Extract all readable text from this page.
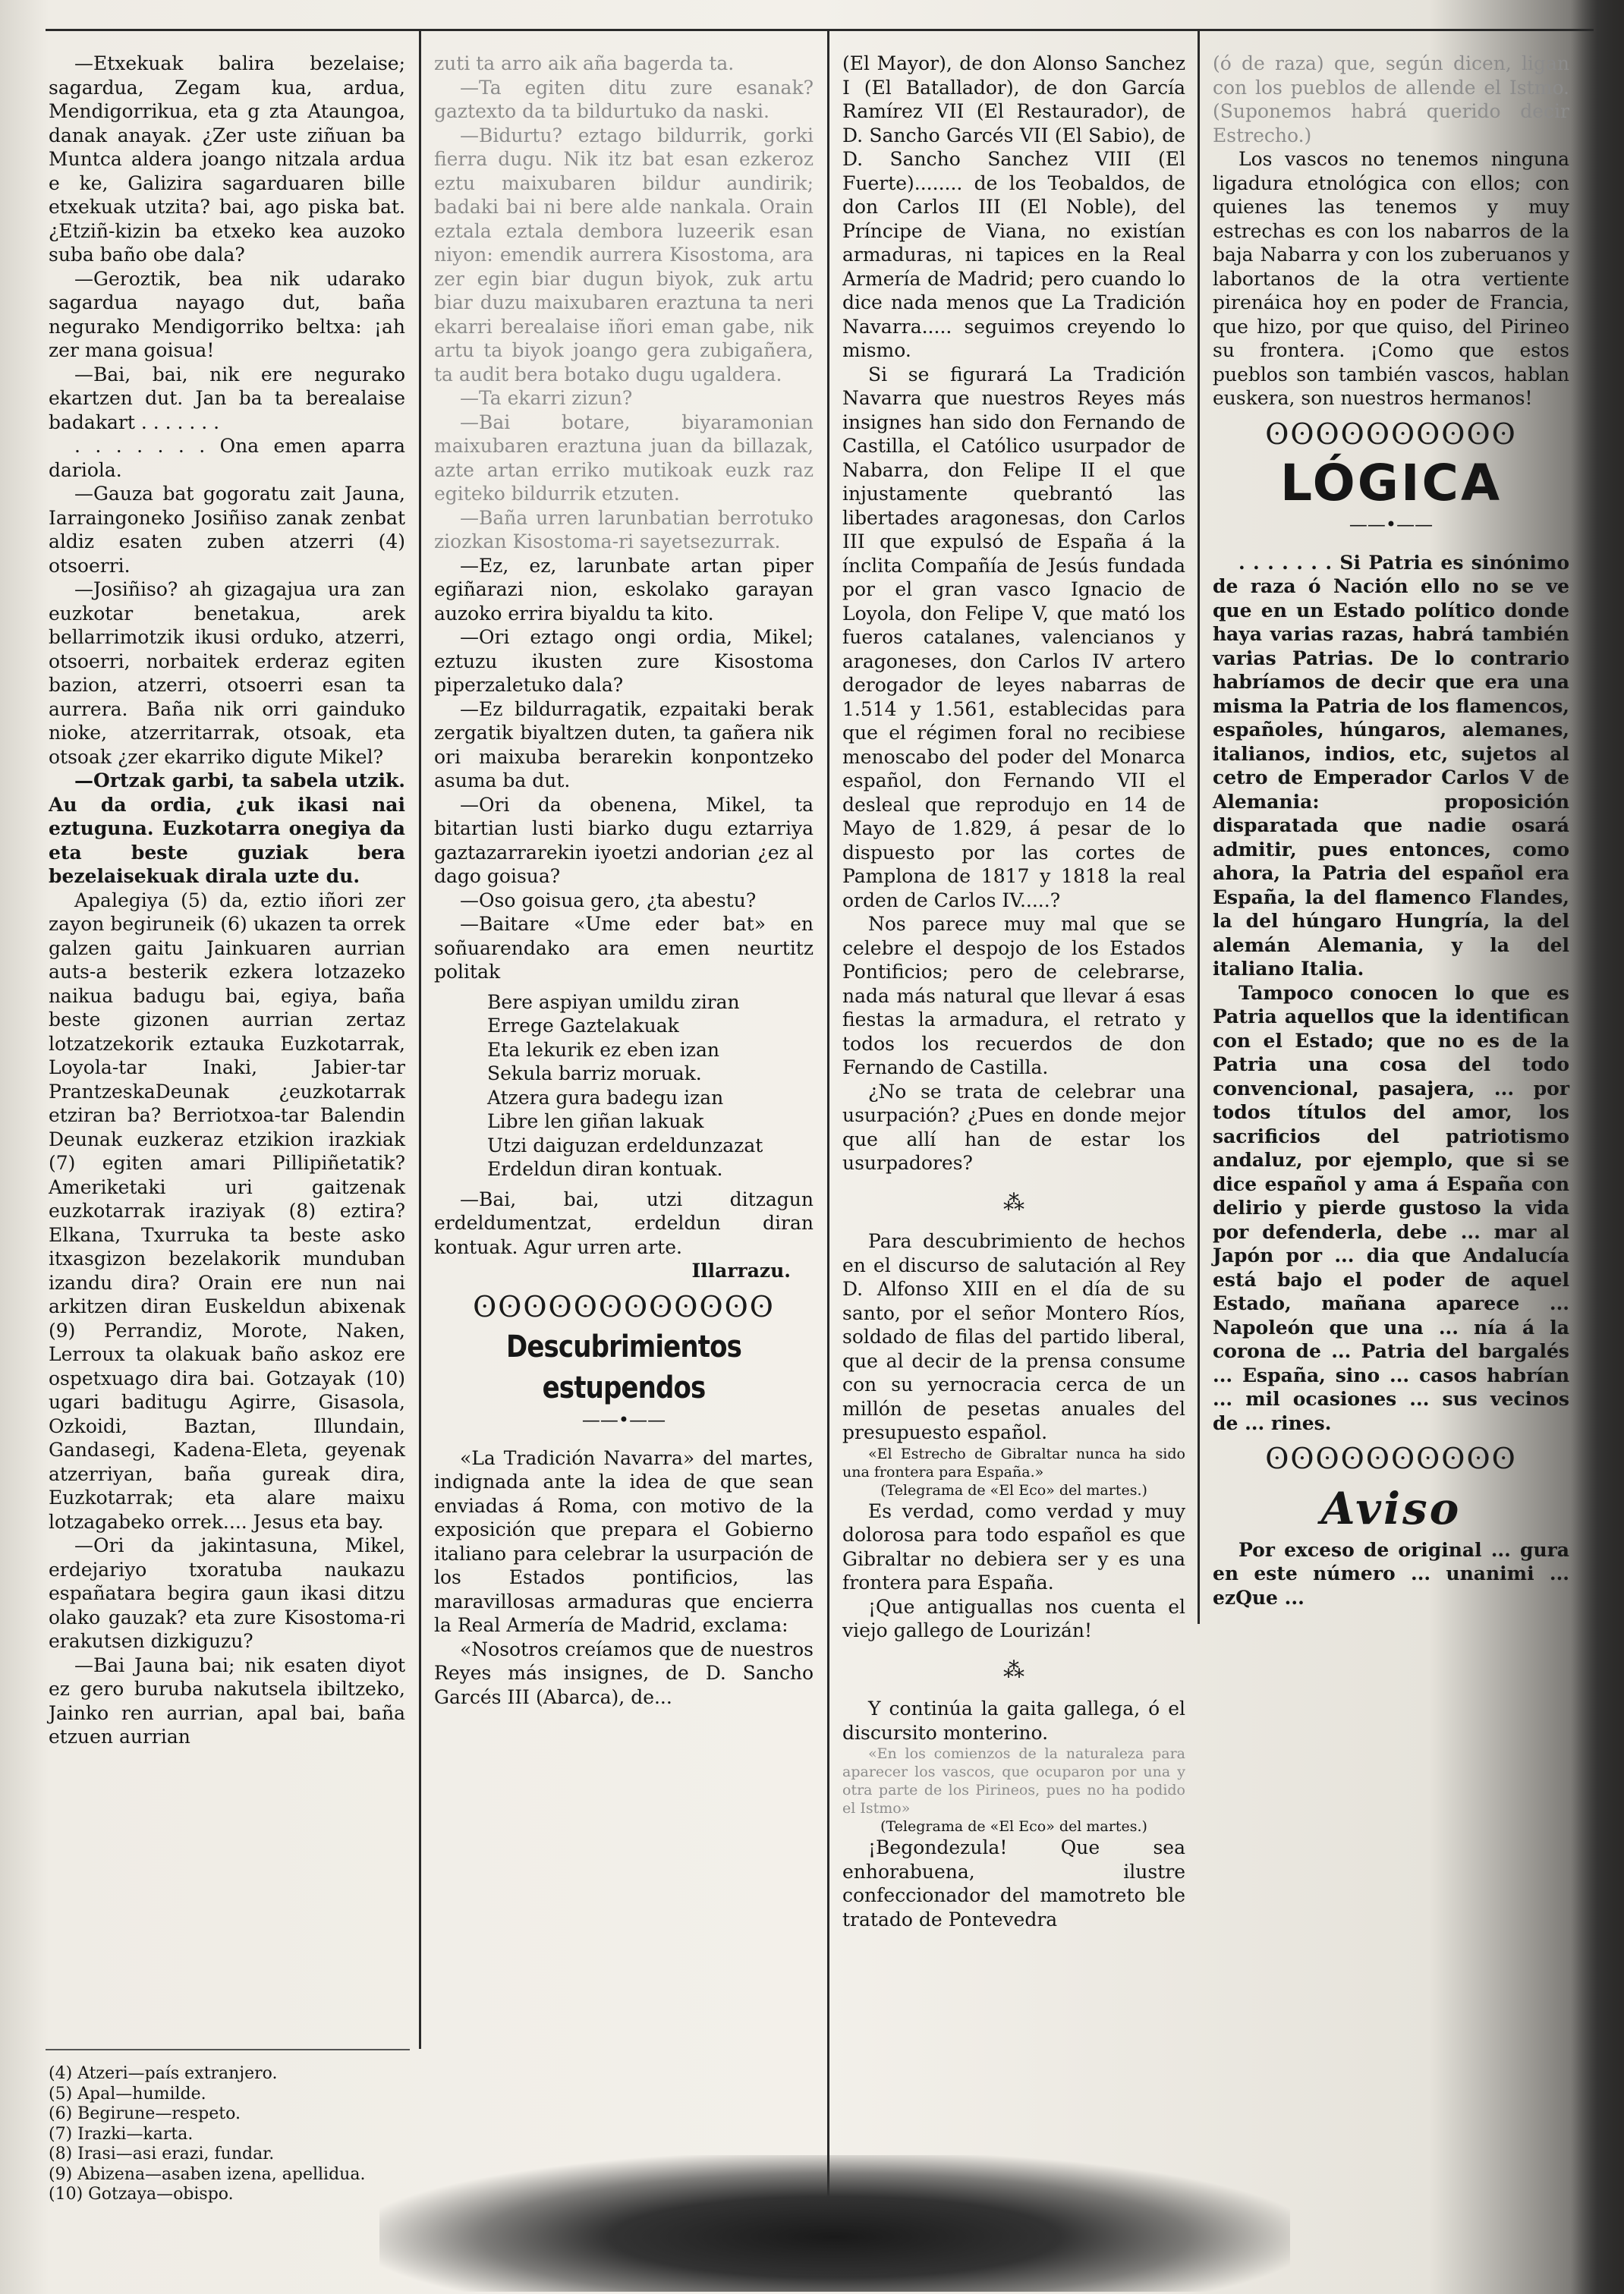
—Etxekuak balira bezelaise; sagardua, Zegam kua, ardua, Mendigorrikua, eta g zta Ataungoa, danak anayak. ¿Zer uste ziñuan ba Muntca aldera joango nitzala ardua e ke, Galizira sagarduaren bille etxekuak utzita? bai, ago piska bat. ¿Etziñ-kizin ba etxeko kea auzoko suba baño obe dala?

—Geroztik, bea nik udarako sagardua nayago dut, baña negurako Mendigorriko beltxa: ¡ah zer mana goisua!

—Bai, bai, nik ere negurako ekartzen dut. Jan ba ta berealaise badakart . . . . . . .

. . . . . . . Ona emen aparra dariola.

—Gauza bat gogoratu zait Jauna, Iarraingoneko Josiñiso zanak zenbat aldiz esaten zuben atzerri (4) otsoerri.

—Josiñiso? ah gizagajua ura zan euzkotar benetakua, arek bellarrimotzik ikusi orduko, atzerri, otsoerri, norbaitek erderaz egiten bazion, atzerri, otsoerri esan ta aurrera. Baña nik orri gainduko nioke, atzerritarrak, otsoak, eta otsoak ¿zer ekarriko digute Mikel?

—Ortzak garbi, ta sabela utzik. Au da ordia, ¿uk ikasi nai eztuguna. Euzkotarra onegiya da eta beste guziak bera bezelaisekuak dirala uzte du.

Apalegiya (5) da, eztio iñori zer zayon begiruneik (6) ukazen ta orrek galzen gaitu Jainkuaren aurrian auts-a besterik ezkera lotzazeko naikua badugu bai, egiya, baña beste gizonen aurrian zertaz lotzatzekorik eztauka Euzkotarrak, Loyola-tar Inaki, Jabier-tar PrantzeskaDeunak ¿euzkotarrak etziran ba? Berriotxoa-tar Balendin Deunak euzkeraz etzikion irazkiak (7) egiten amari Pillipiñetatik? Ameriketaki uri gaitzenak euzkotarrak iraziyak (8) eztira? Elkana, Txurruka ta beste asko itxasgizon bezelakorik munduban izandu dira? Orain ere nun nai arkitzen diran Euskeldun abixenak (9) Perrandiz, Morote, Naken, Lerroux ta olakuak baño askoz ere ospetxuago dira bai. Gotzayak (10) ugari baditugu Agirre, Gisasola, Ozkoidi, Baztan, Illundain, Gandasegi, Kadena-Eleta, geyenak atzerriyan, baña gureak dira, Euzkotarrak; eta alare maixu lotzagabeko orrek.... Jesus eta bay.

—Ori da jakintasuna, Mikel, erdejariyo txoratuba naukazu españatara begira gaun ikasi ditzu olako gauzak? eta zure Kisostoma-ri erakutsen dizkiguzu?

—Bai Jauna bai; nik esaten diyot ez gero buruba nakutsela ibiltzeko, Jainko ren aurrian, apal bai, baña etzuen aurrian

zuti ta arro aik aña bagerda ta.

—Ta egiten ditu zure esanak? gaztexto da ta bildurtuko da naski.

—Bidurtu? eztago bildurrik, gorki fierra dugu. Nik itz bat esan ezkeroz eztu maixubaren bildur aundirik; badaki bai ni bere alde nankala. Orain eztala eztala dembora luzeerik esan niyon: emendik aurrera Kisostoma, ara zer egin biar dugun biyok, zuk artu biar duzu maixubaren eraztuna ta neri ekarri berealaise iñori eman gabe, nik artu ta biyok joango gera zubigañera, ta audit bera botako dugu ugaldera.

—Ta ekarri zizun?

—Bai botare, biyaramonian maixubaren eraztuna juan da billazak, azte artan erriko mutikoak euzk raz egiteko bildurrik etzuten.

—Baña urren larunbatian berrotuko ziozkan Kisostoma-ri sayetsezurrak.

—Ez, ez, larunbate artan piper egiñarazi nion, eskolako garayan auzoko errira biyaldu ta kito.

—Ori eztago ongi ordia, Mikel; eztuzu ikusten zure Kisostoma piperzaletuko dala?

—Ez bildurragatik, ezpaitaki berak zergatik biyaltzen duten, ta gañera nik ori maixuba berarekin konpontzeko asuma ba dut.

—Ori da obenena, Mikel, ta bitartian lusti biarko dugu eztarriya gaztazarrarekin iyoetzi andorian ¿ez al dago goisua?

—Oso goisua gero, ¿ta abestu?

—Baitare «Ume eder bat» en soñuarendako ara emen neurtitz politak

Bere aspiyan umildu ziran
Errege Gaztelakuak
Eta lekurik ez eben izan
Sekula barriz moruak.
Atzera gura badegu izan
Libre len giñan lakuak
Utzi daiguzan erdeldunzazat
Erdeldun diran kontuak.

—Bai, bai, utzi ditzagun erdeldumentzat, erdeldun diran kontuak. Agur urren arte.

Illarrazu.

ʘʘʘʘʘʘʘʘʘʘʘʘ
Descubrimientos estupendos
——•——

«La Tradición Navarra» del martes, indignada ante la idea de que sean enviadas á Roma, con motivo de la exposición que prepara el Gobierno italiano para celebrar la usurpación de los Estados pontificios, las maravillosas armaduras que encierra la Real Armería de Madrid, exclama:

«Nosotros creíamos que de nuestros Reyes más insignes, de D. Sancho Garcés III (Abarca), de...

(El Mayor), de don Alonso Sanchez I (El Batallador), de don García Ramírez VII (El Restaurador), de D. Sancho Garcés VII (El Sabio), de D. Sancho Sanchez VIII (El Fuerte)........ de los Teobaldos, de don Carlos III (El Noble), del Príncipe de Viana, no existían armaduras, ni tapices en la Real Armería de Madrid; pero cuando lo dice nada menos que La Tradición Navarra..... seguimos creyendo lo mismo.

Si se figurará La Tradición Navarra que nuestros Reyes más insignes han sido don Fernando de Castilla, el Católico usurpador de Nabarra, don Felipe II el que injustamente quebrantó las libertades aragonesas, don Carlos III que expulsó de España á la ínclita Compañía de Jesús fundada por el gran vasco Ignacio de Loyola, don Felipe V, que mató los fueros catalanes, valencianos y aragoneses, don Carlos IV artero derogador de leyes nabarras de 1.514 y 1.561, establecidas para que el régimen foral no recibiese menoscabo del poder del Monarca español, don Fernando VII el desleal que reprodujo en 14 de Mayo de 1.829, á pesar de lo dispuesto por las cortes de Pamplona de 1817 y 1818 la real orden de Carlos IV.....?

Nos parece muy mal que se celebre el despojo de los Estados Pontificios; pero de celebrarse, nada más natural que llevar á esas fiestas la armadura, el retrato y todos los recuerdos de don Fernando de Castilla.

¿No se trata de celebrar una usurpación? ¿Pues en donde mejor que allí han de estar los usurpadores?

⁂

Para descubrimiento de hechos en el discurso de salutación al Rey D. Alfonso XIII en el día de su santo, por el señor Montero Ríos, soldado de filas del partido liberal, que al decir de la prensa consume con su yernocracia cerca de un millón de pesetas anuales del presupuesto español.

«El Estrecho de Gibraltar nunca ha sido una frontera para España.»

(Telegrama de «El Eco» del martes.)

Es verdad, como verdad y muy dolorosa para todo español es que Gibraltar no debiera ser y es una frontera para España.

¡Que antiguallas nos cuenta el viejo gallego de Lourizán!

⁂

Y continúa la gaita gallega, ó el discursito monterino.

«En los comienzos de la naturaleza para aparecer los vascos, que ocuparon por una y otra parte de los Pirineos, pues no ha podido el Istmo»

(Telegrama de «El Eco» del martes.)

¡Begondezula! Que sea enhorabuena, ilustre confeccionador del mamotreto ble tratado de Pontevedra

(ó de raza) que, según dicen, ligan con los pueblos de allende el Istmo. (Suponemos habrá querido decir Estrecho.)

Los vascos no tenemos ninguna ligadura etnológica con ellos; con quienes las tenemos y muy estrechas es con los nabarros de la baja Nabarra y con los zuberuanos y labortanos de la otra vertiente pirenáica hoy en poder de Francia, que hizo, por que quiso, del Pirineo su frontera. ¡Como que estos pueblos son también vascos, hablan euskera, son nuestros hermanos!

ʘʘʘʘʘʘʘʘʘʘ
LÓGICA
——•——

. . . . . . . Si Patria es sinónimo de raza ó Nación ello no se ve que en un Estado político donde haya varias razas, habrá también varias Patrias. De lo contrario habríamos de decir que era una misma la Patria de los flamencos, españoles, húngaros, alemanes, italianos, indios, etc, sujetos al cetro de Emperador Carlos V de Alemania: proposición disparatada que nadie osará admitir, pues entonces, como ahora, la Patria del español era España, la del flamenco Flandes, la del húngaro Hungría, la del alemán Alemania, y la del italiano Italia.

Tampoco conocen lo que es Patria aquellos que la identifican con el Estado; que no es de la Patria una cosa del todo convencional, pasajera, ... por todos títulos del amor, los sacrificios del patriotismo andaluz, por ejemplo, que si se dice español y ama á España con delirio y pierde gustoso la vida por defenderla, debe ... mar al Japón por ... dia que Andalucía está bajo el poder de aquel Estado, mañana aparece ... Napoleón que una ... nía á la corona de ... Patria del bargalés ... España, sino ... casos habrían ... mil ocasiones ... sus vecinos de ... rines.

ʘʘʘʘʘʘʘʘʘʘ
Aviso

Por exceso de original ... gura en este número ... unanimi ... ezQue ...

(4) Atzeri—país extranjero.
(5) Apal—humilde.
(6) Begirune—respeto.
(7) Irazki—karta.
(8) Irasi—asi erazi, fundar.
(9) Abizena—asaben izena, apellidua.
(10) Gotzaya—obispo.
